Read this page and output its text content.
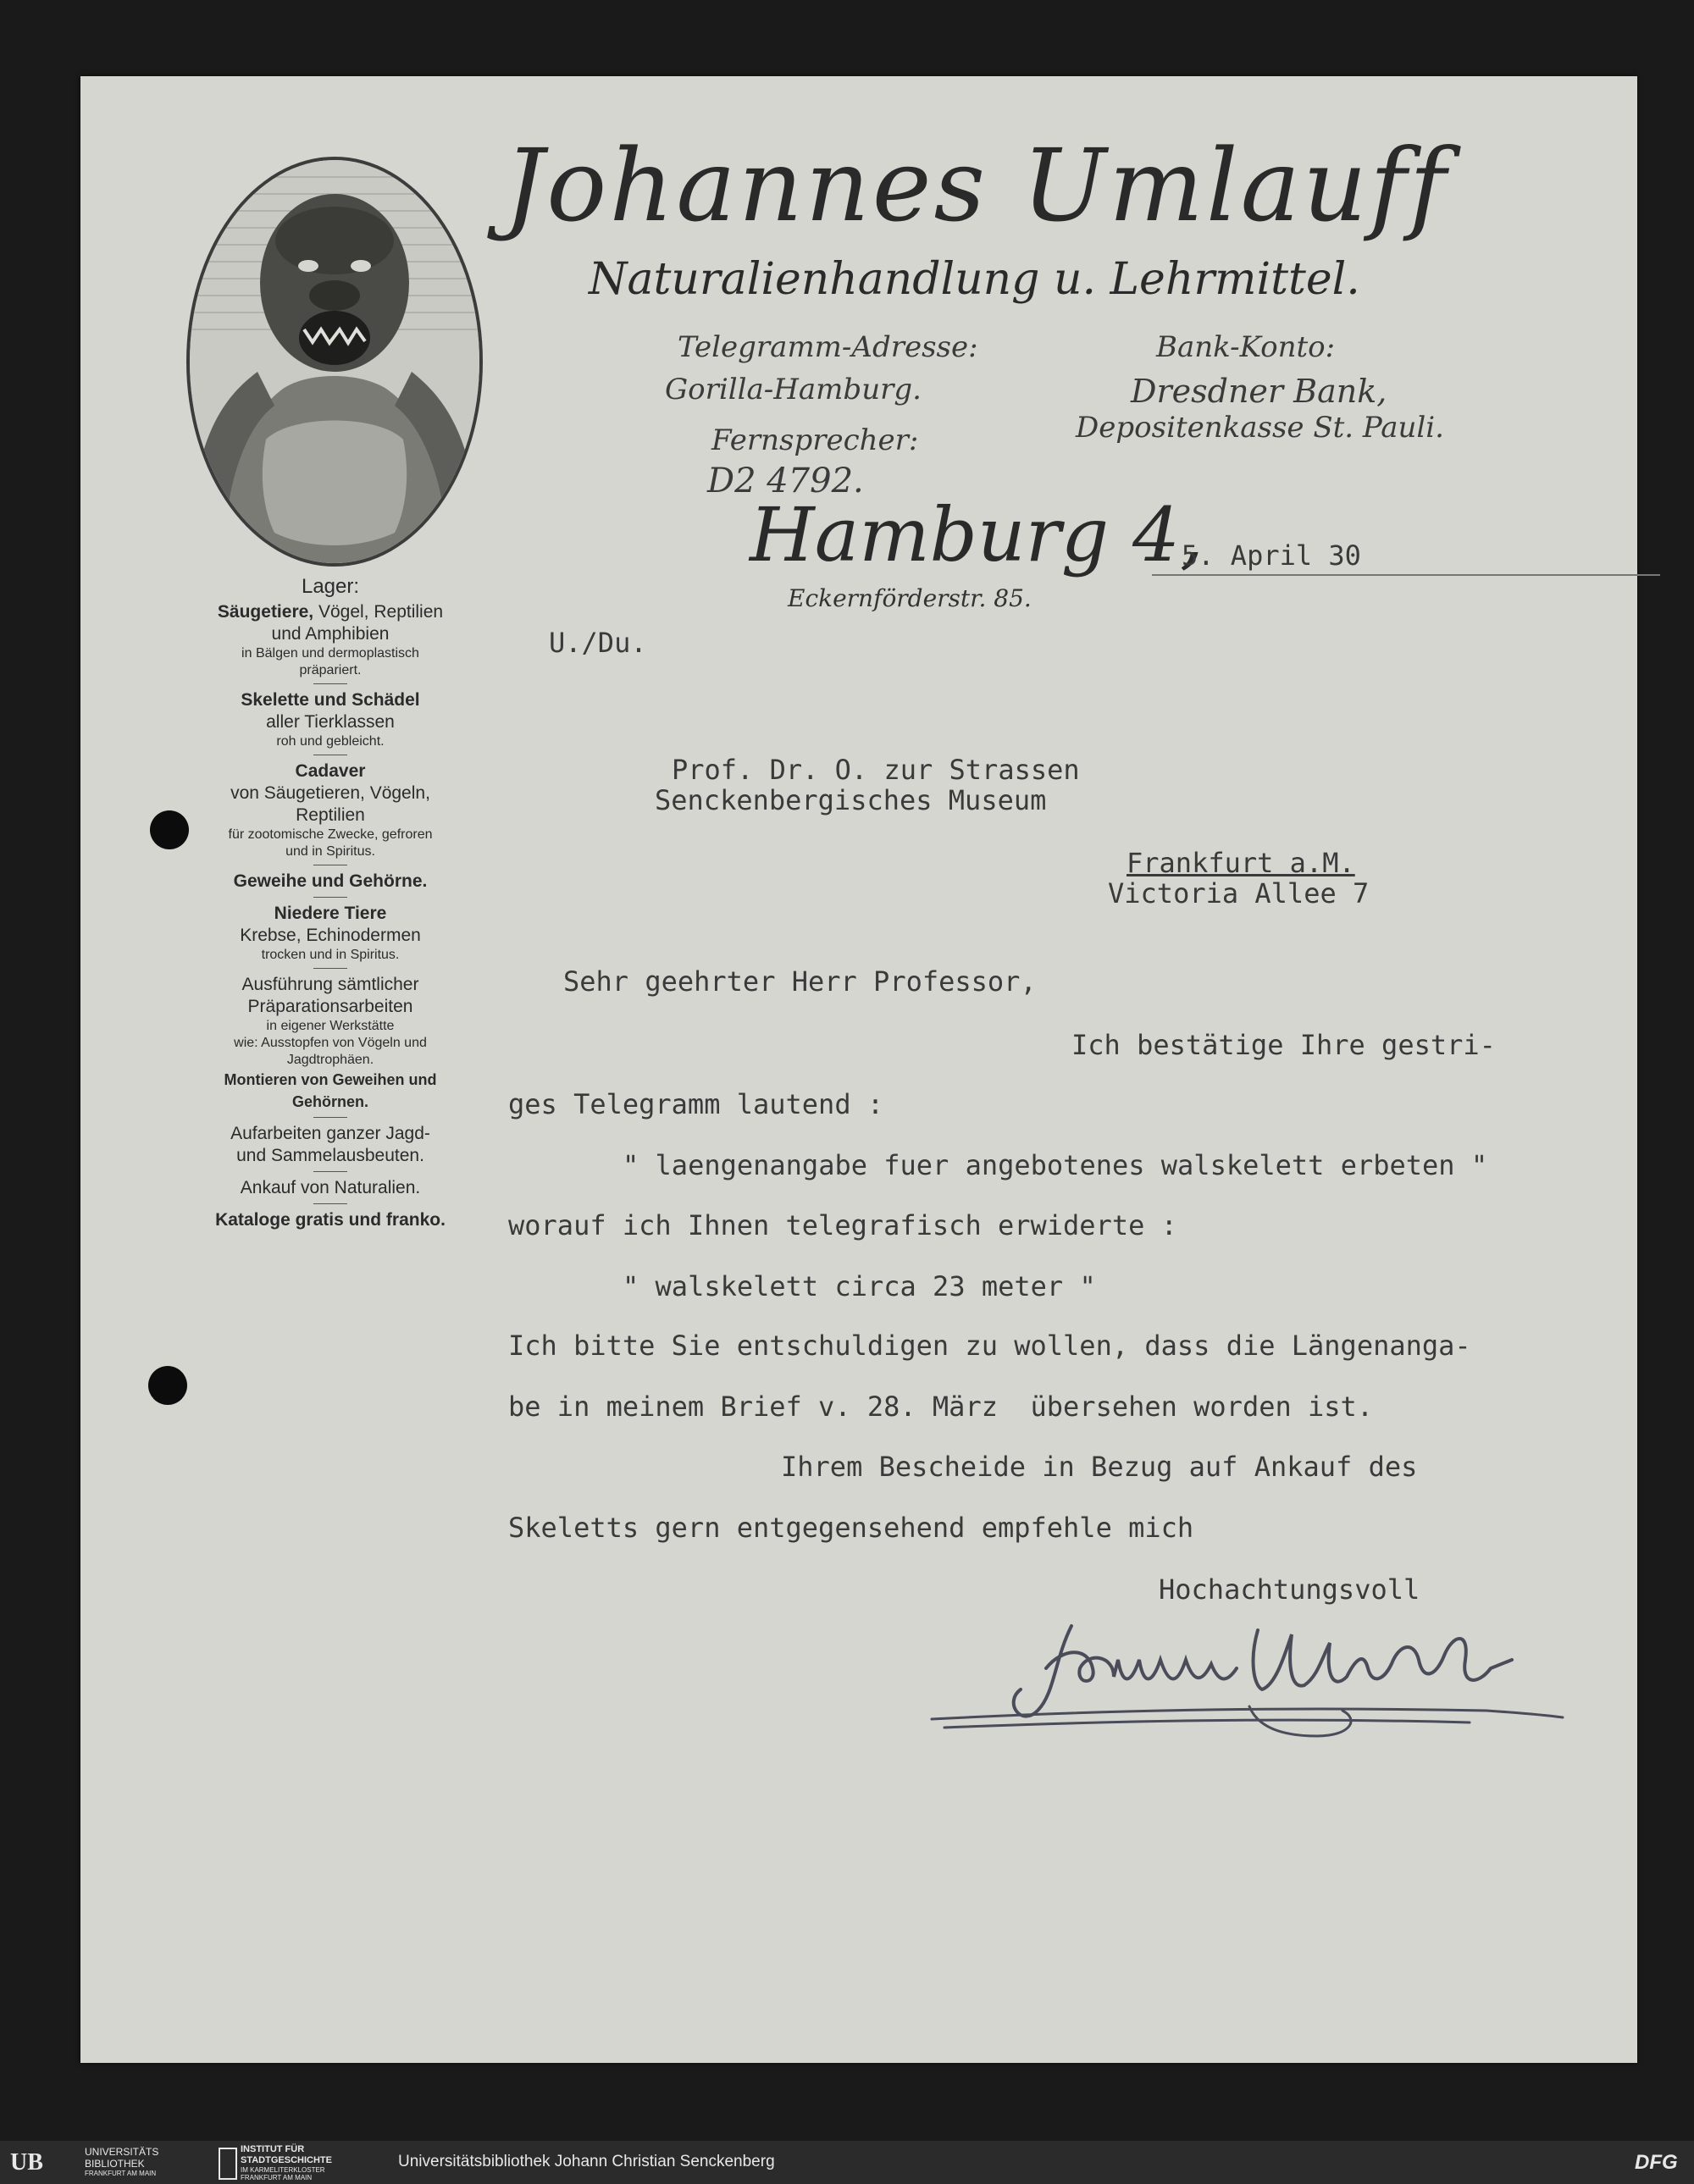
Johannes Umlauff
Naturalienhandlung u. Lehrmittel.
Telegramm-Adresse:
Gorilla-Hamburg.
Fernsprecher:
D2 4792.
Bank-Konto:
Dresdner Bank,
Depositenkasse St. Pauli.
Hamburg 4,
Eckernförderstr. 85.
5. April 30
Lager:
Säugetiere, Vögel, Reptilien
und Amphibien
in Bälgen und dermoplastisch
präpariert.
Skelette und Schädel
aller Tierklassen
roh und gebleicht.
Cadaver
von Säugetieren, Vögeln,
Reptilien
für zootomische Zwecke, gefroren
und in Spiritus.
Geweihe und Gehörne.
Niedere Tiere
Krebse, Echinodermen
trocken und in Spiritus.
Ausführung sämtlicher
Präparationsarbeiten
in eigener Werkstätte
wie: Ausstopfen von Vögeln und
Jagdtrophäen.
Montieren von Geweihen und
Gehörnen.
Aufarbeiten ganzer Jagd-
und Sammelausbeuten.
Ankauf von Naturalien.
Kataloge gratis und franko.
U./Du.
Prof. Dr. O. zur Strassen
Senckenbergisches Museum
Frankfurt a.M.
Victoria Allee 7
Sehr geehrter Herr Professor,
Ich bestätige Ihre gestri-
ges Telegramm lautend :
" laengenangabe fuer angebotenes walskelett erbeten "
worauf ich Ihnen telegrafisch erwiderte :
" walskelett circa 23 meter "
Ich bitte Sie entschuldigen zu wollen, dass die Längenanga-
be in meinem Brief v. 28. März  übersehen worden ist.
Ihrem Bescheide in Bezug auf Ankauf des
Skeletts gern entgegensehend empfehle mich
Hochachtungsvoll
UB	UNIVERSITÄTS
BIBLIOTHEK
FRANKFURT AM MAIN
INSTITUT FÜR
STADTGESCHICHTE
IM KARMELITERKLOSTER
FRANKFURT AM MAIN
Universitätsbibliothek Johann Christian Senckenberg	DFG
